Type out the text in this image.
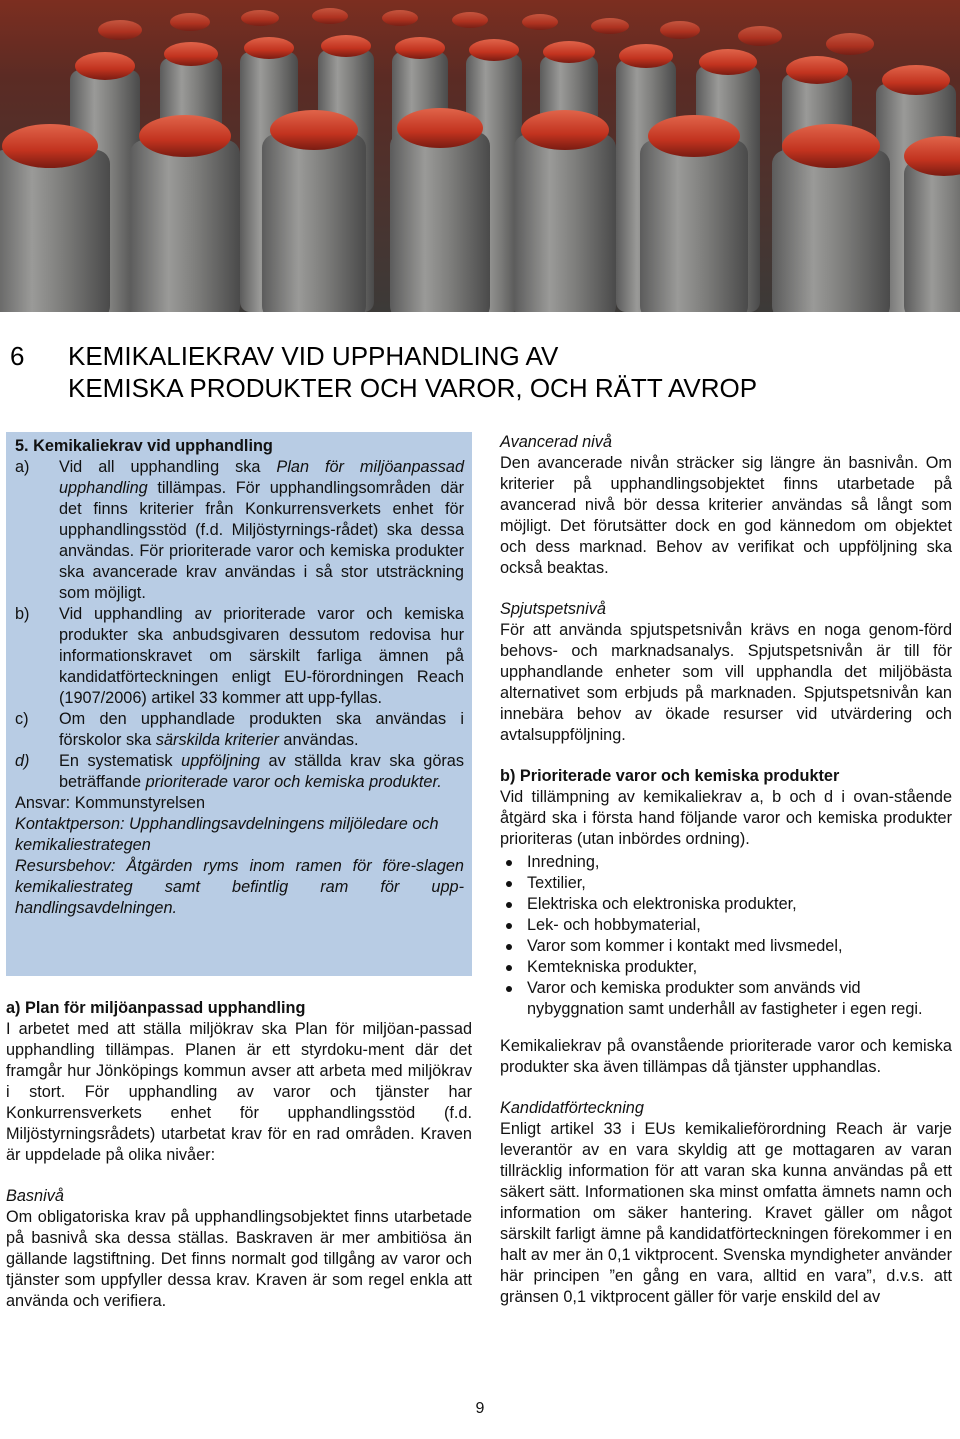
6 KEMIKALIEKRAV VID UPPHANDLING AV
KEMISKA PRODUKTER OCH VAROR, OCH RÄTT AVROP

5. Kemikaliekrav vid upphandling

a) Vid all upphandling ska Plan för miljöanpassad upphandling tillämpas. För upphandlingsområden där det finns kriterier från Konkurrensverkets enhet för upphandlingsstöd (f.d. Miljöstyrnings-rådet) ska dessa användas. För prioriterade varor och kemiska produkter ska avancerade krav användas i så stor utsträckning som möjligt.
b) Vid upphandling av prioriterade varor och kemiska produkter ska anbudsgivaren dessutom redovisa hur informationskravet om särskilt farliga ämnen på kandidatförteckningen enligt EU-förordningen Reach (1907/2006) artikel 33 kommer att upp-fyllas.
c) Om den upphandlade produkten ska användas i förskolor ska särskilda kriterier användas.
d) En systematisk uppföljning av ställda krav ska göras beträffande prioriterade varor och kemiska produkter.

Ansvar: Kommunstyrelsen

Kontaktperson: Upphandlingsavdelningens miljöledare och kemikaliestrategen

Resursbehov: Åtgärden ryms inom ramen för före-slagen kemikaliestrateg samt befintlig ram för upp-handlingsavdelningen.

a) Plan för miljöanpassad upphandling

I arbetet med att ställa miljökrav ska Plan för miljöan-passad upphandling tillämpas. Planen är ett styrdoku-ment där det framgår hur Jönköpings kommun avser att arbeta med miljökrav i stort. För upphandling av varor och tjänster har Konkurrensverkets enhet för upphandlingsstöd (f.d. Miljöstyrningsrådets) utarbetat krav för en rad områden. Kraven är uppdelade på olika nivåer:

Basnivå

Om obligatoriska krav på upphandlingsobjektet finns utarbetade på basnivå ska dessa ställas. Baskraven är mer ambitiösa än gällande lagstiftning. Det finns normalt god tillgång av varor och tjänster som uppfyller dessa krav. Kraven är som regel enkla att använda och verifiera.

Avancerad nivå

Den avancerade nivån sträcker sig längre än basnivån. Om kriterier på upphandlingsobjektet finns utarbetade på avancerad nivå bör dessa kriterier användas så långt som möjligt. Det förutsätter dock en god kännedom om objektet och dess marknad. Behov av verifikat och uppföljning ska också beaktas.

Spjutspetsnivå

För att använda spjutspetsnivån krävs en noga genom-förd behovs- och marknadsanalys. Spjutspetsnivån är till för upphandlande enheter som vill upphandla det miljöbästa alternativet som erbjuds på marknaden. Spjutspetsnivån kan innebära behov av ökade resurser vid utvärdering och avtalsuppföljning.

b) Prioriterade varor och kemiska produkter

Vid tillämpning av kemikaliekrav a, b och d i ovan-stående åtgärd ska i första hand följande varor och kemiska produkter prioriteras (utan inbördes ordning).

Inredning,
Textilier,
Elektriska och elektroniska produkter,
Lek- och hobbymaterial,
Varor som kommer i kontakt med livsmedel,
Kemtekniska produkter,
Varor och kemiska produkter som används vid nybyggnation samt underhåll av fastigheter i egen regi.

Kemikaliekrav på ovanstående prioriterade varor och kemiska produkter ska även tillämpas då tjänster upphandlas.

Kandidatförteckning

Enligt artikel 33 i EUs kemikalieförordning Reach är varje leverantör av en vara skyldig att ge mottagaren av varan tillräcklig information för att varan ska kunna användas på ett säkert sätt. Informationen ska minst omfatta ämnets namn och information om säker hantering. Kravet gäller om något särskilt farligt ämne på kandidatförteckningen förekommer i en halt av mer än 0,1 viktprocent. Svenska myndigheter använder här principen ”en gång en vara, alltid en vara”, d.v.s. att gränsen 0,1 viktprocent gäller för varje enskild del av

9
